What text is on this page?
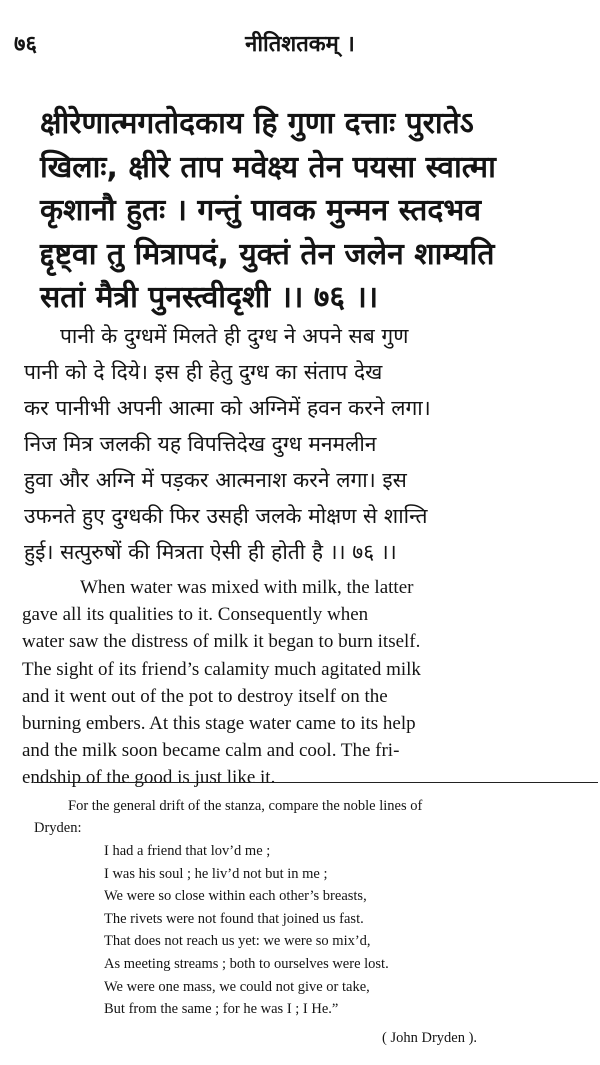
७६	नीतिशतकम् ।
क्षीरेणात्मगतोदकाय हि गुणा दत्ताः पुरातेऽ
खिलाः, क्षीरे ताप मवेक्ष्य तेन पयसा स्वात्मा
कृशानौ हुतः । गन्तुं पावक मुन्मन स्तदभव
द्दृष्ट्वा तु मित्रापदं, युक्तं तेन जलेन शाम्यति
सतां मैत्री पुनस्त्वीदृशी ।। ७६ ।।
पानी के दुग्धमें मिलते ही दुग्ध ने अपने सब गुण
पानी को दे दिये। इस ही हेतु दुग्ध का संताप देख
कर पानीभी अपनी आत्मा को अग्निमें हवन करने लगा।
निज मित्र जलकी यह विपत्तिदेख दुग्ध मनमलीन
हुवा और अग्नि में पड़कर आत्मनाश करने लगा। इस
उफनते हुए दुग्धकी फिर उसही जलके मोक्षण से शान्ति
हुई। सत्पुरुषों की मित्रता ऐसी ही होती है ।। ७६ ।।
When water was mixed with milk, the latter
gave all its qualities to it. Consequently when
water saw the distress of milk it began to burn itself.
The sight of its friend’s calamity much agitated milk
and it went out of the pot to destroy itself on the
burning embers. At this stage water came to its help
and the milk soon became calm and cool. The fri-
endship of the good is just like it.
For the general drift of the stanza, compare the noble lines of
Dryden:
I had a friend that lov’d me ;
I was his soul ; he liv’d not but in me ;
We were so close within each other’s breasts,
The rivets were not found that joined us fast.
That does not reach us yet: we were so mix’d,
As meeting streams ; both to ourselves were lost.
We were one mass, we could not give or take,
But from the same ; for he was I ; I He.”
( John Dryden ).
